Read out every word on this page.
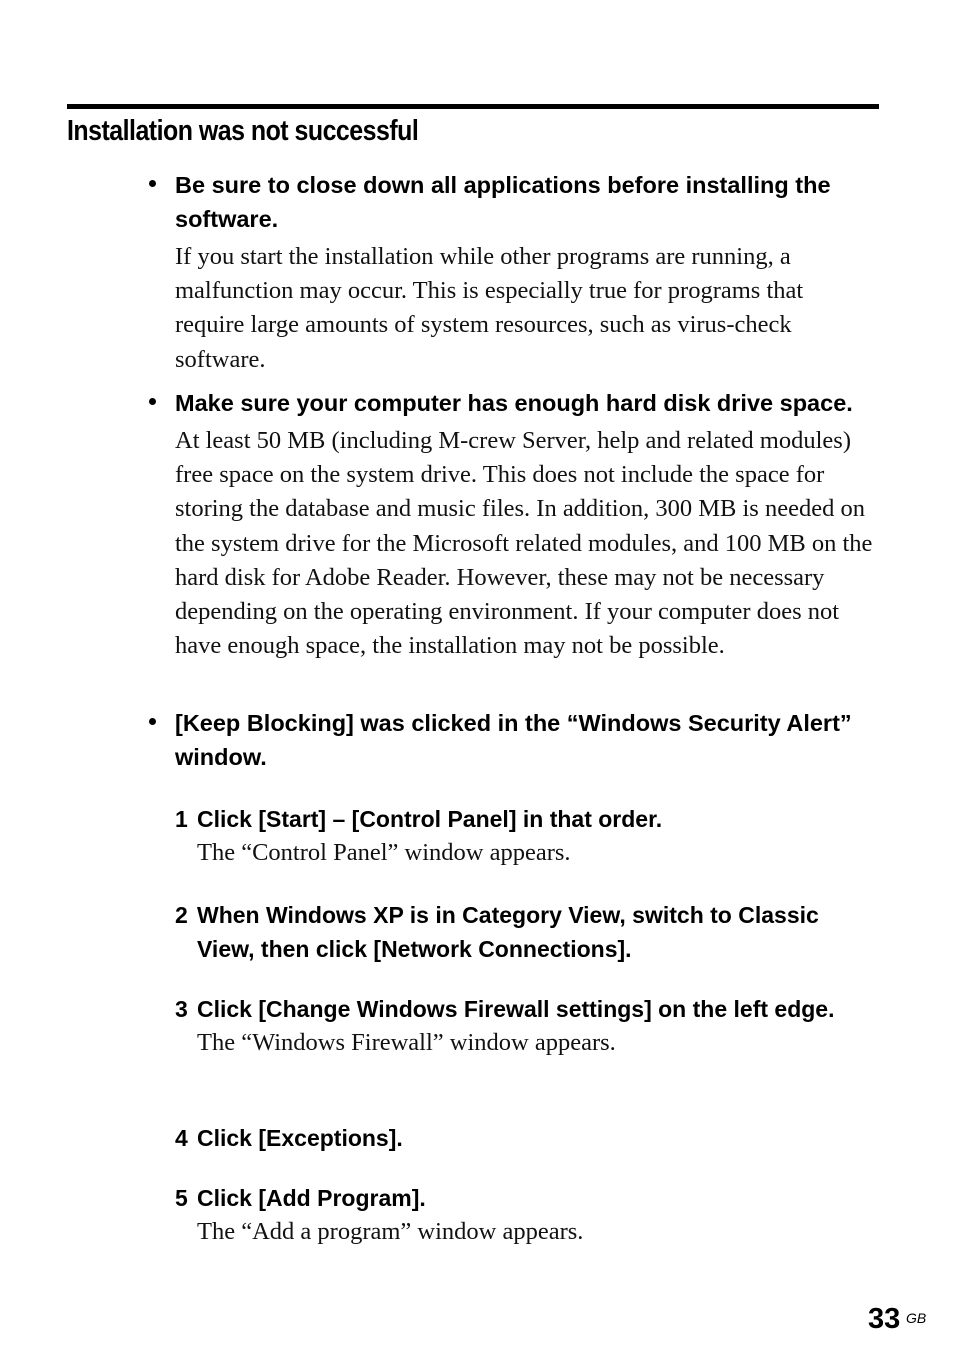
Installation was not successful

Be sure to close down all applications before installing the software.

If you start the installation while other programs are running, a malfunction may occur. This is especially true for programs that require large amounts of system resources, such as virus-check software.

Make sure your computer has enough hard disk drive space.

At least 50 MB (including M-crew Server, help and related modules) free space on the system drive. This does not include the space for storing the database and music files. In addition, 300 MB is needed on the system drive for the Microsoft related modules, and 100 MB on the hard disk for Adobe Reader. However, these may not be necessary depending on the operating environment. If your computer does not have enough space, the installation may not be possible.

[Keep Blocking] was clicked in the “Windows Security Alert” window.

1 Click [Start] – [Control Panel] in that order.

The “Control Panel” window appears.

2 When Windows XP is in Category View, switch to Classic View, then click [Network Connections].

3 Click [Change Windows Firewall settings] on the left edge.

The “Windows Firewall” window appears.

4 Click [Exceptions].

5 Click [Add Program].

The “Add a program” window appears.

33 GB
